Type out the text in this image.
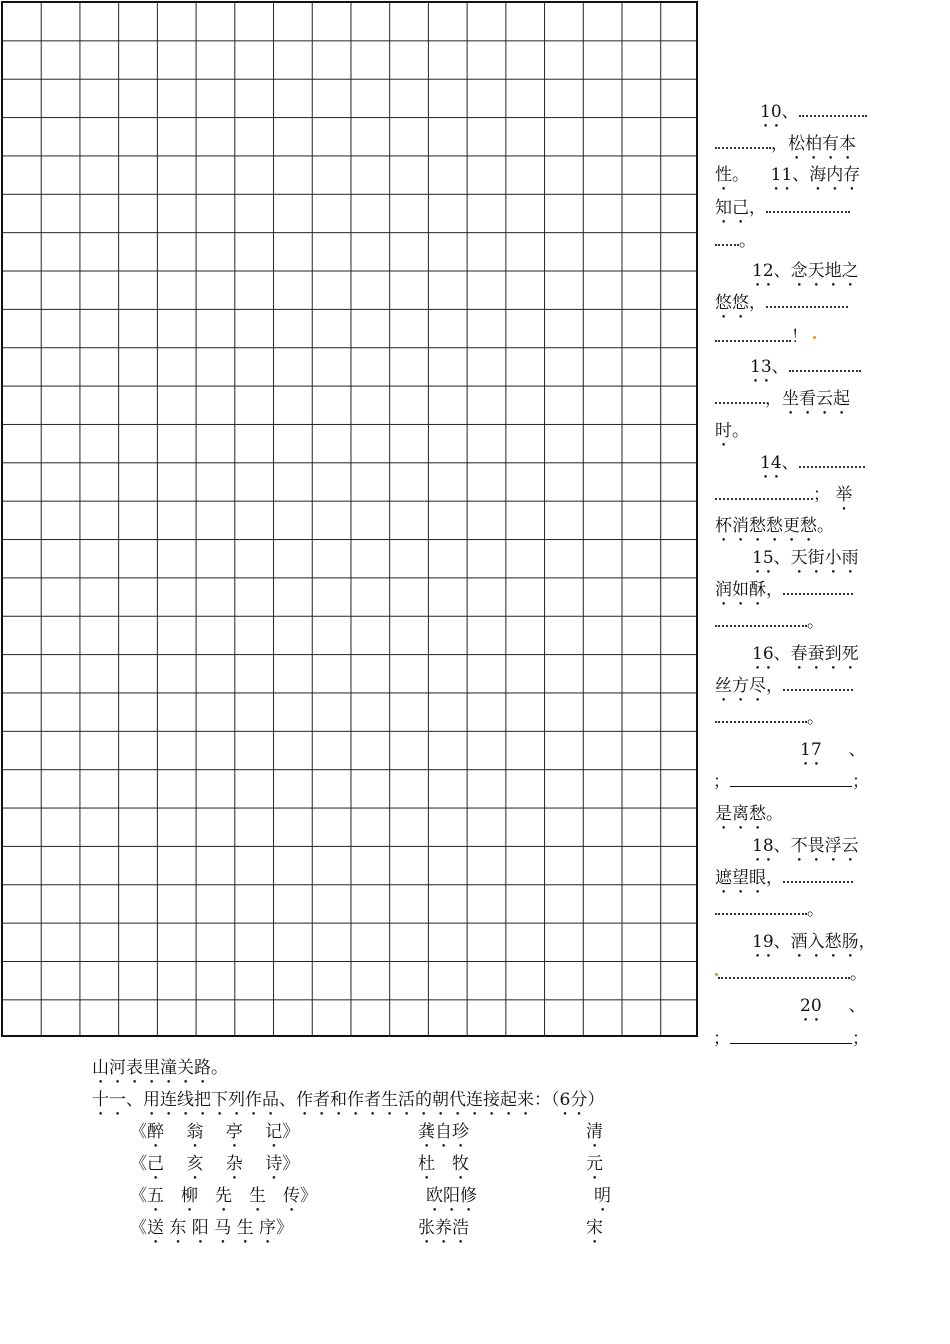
10、
，松柏有本
性。 11、海内存
知己，
。
12、念天地之
悠悠，
！
13、
，坐看云起
时。
14、
； 举
杯消愁愁更愁。
15、天街小雨
润如酥，
。
16、春蚕到死
丝方尽，
。
17 、
；	；
是离愁。
18、不畏浮云
遮望眼，
。
19、酒入愁肠，
。
20 、
；	；
山河表里潼关路。
十一、用连线把下列作品、作者和作者生活的朝代连接起来：（6分）
《醉　 翁　 亭　 记》	龚自珍	清
《己　 亥　 杂　 诗》	杜　牧	元
《五　柳　先　生　传》	欧阳修	明
《送 东 阳 马 生 序》	张养浩	宋
